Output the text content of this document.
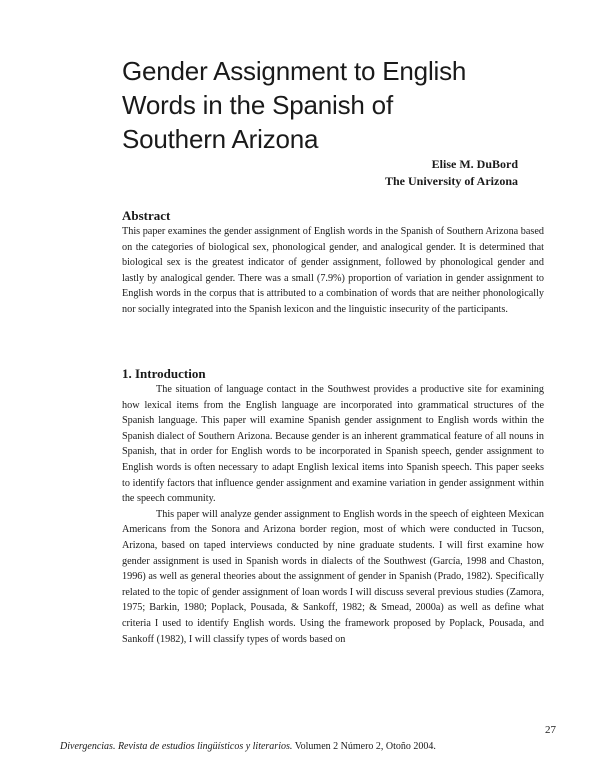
Gender Assignment to English
Words in the Spanish of
Southern Arizona
Elise M. DuBord
The University of Arizona
Abstract

This paper examines the gender assignment of English words in the Spanish of Southern Arizona based on the categories of biological sex, phonological gender, and analogical gender. It is determined that biological sex is the greatest indicator of gender assignment, followed by phonological gender and lastly by analogical gender. There was a small (7.9%) proportion of variation in gender assignment to English words in the corpus that is attributed to a combination of words that are neither phonologically nor socially integrated into the Spanish lexicon and the linguistic insecurity of the participants.

1. Introduction

The situation of language contact in the Southwest provides a productive site for examining how lexical items from the English language are incorporated into grammatical structures of the Spanish language. This paper will examine Spanish gender assignment to English words within the Spanish dialect of Southern Arizona. Because gender is an inherent grammatical feature of all nouns in Spanish, that in order for English words to be incorporated in Spanish speech, gender assignment to English words is often necessary to adapt English lexical items into Spanish speech. This paper seeks to identify factors that influence gender assignment and examine variation in gender assignment within the speech community.

This paper will analyze gender assignment to English words in the speech of eighteen Mexican Americans from the Sonora and Arizona border region, most of which were conducted in Tucson, Arizona, based on taped interviews conducted by nine graduate students. I will first examine how gender assignment is used in Spanish words in dialects of the Southwest (García, 1998 and Chaston, 1996) as well as general theories about the assignment of gender in Spanish (Prado, 1982). Specifically related to the topic of gender assignment of loan words I will discuss several previous studies (Zamora, 1975; Barkin, 1980; Poplack, Pousada, & Sankoff, 1982; & Smead, 2000a) as well as define what criteria I used to identify English words. Using the framework proposed by Poplack, Pousada, and Sankoff (1982), I will classify types of words based on

27
Divergencias. Revista de estudios lingüísticos y literarios. Volumen 2 Número 2, Otoño 2004.
